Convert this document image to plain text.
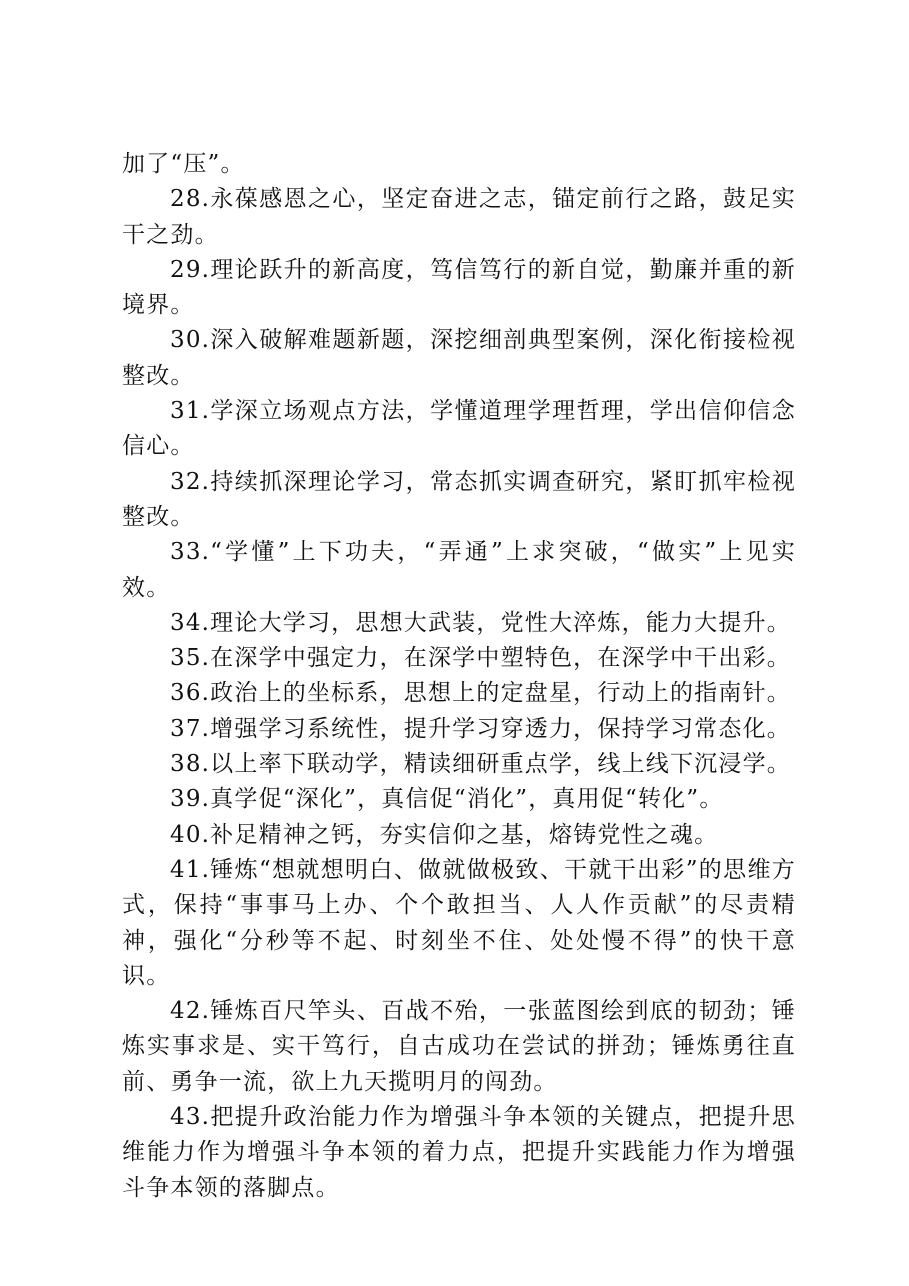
加了“压”。

28.永葆感恩之心，坚定奋进之志，锚定前行之路，鼓足实干之劲。

29.理论跃升的新高度，笃信笃行的新自觉，勤廉并重的新境界。

30.深入破解难题新题，深挖细剖典型案例，深化衔接检视整改。

31.学深立场观点方法，学懂道理学理哲理，学出信仰信念信心。

32.持续抓深理论学习，常态抓实调查研究，紧盯抓牢检视整改。

33.“学懂”上下功夫，“弄通”上求突破，“做实”上见实效。

34.理论大学习，思想大武装，党性大淬炼，能力大提升。

35.在深学中强定力，在深学中塑特色，在深学中干出彩。

36.政治上的坐标系，思想上的定盘星，行动上的指南针。

37.增强学习系统性，提升学习穿透力，保持学习常态化。

38.以上率下联动学，精读细研重点学，线上线下沉浸学。

39.真学促“深化”，真信促“消化”，真用促“转化”。

40.补足精神之钙，夯实信仰之基，熔铸党性之魂。

41.锤炼“想就想明白、做就做极致、干就干出彩”的思维方式，保持“事事马上办、个个敢担当、人人作贡献”的尽责精神，强化“分秒等不起、时刻坐不住、处处慢不得”的快干意识。

42.锤炼百尺竿头、百战不殆，一张蓝图绘到底的韧劲；锤炼实事求是、实干笃行，自古成功在尝试的拼劲；锤炼勇往直前、勇争一流，欲上九天揽明月的闯劲。

43.把提升政治能力作为增强斗争本领的关键点，把提升思维能力作为增强斗争本领的着力点，把提升实践能力作为增强斗争本领的落脚点。
